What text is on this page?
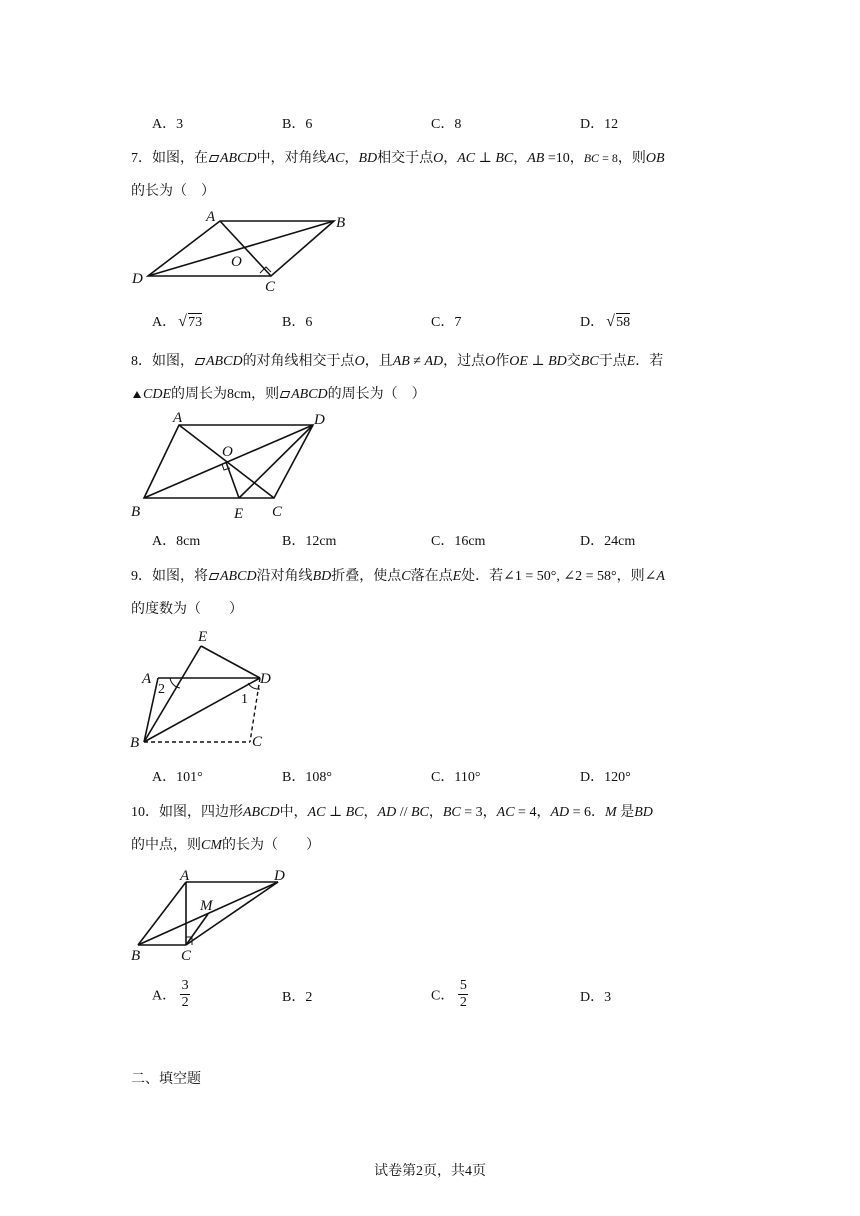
A．3	B．6	C．8	D．12
7．如图，在 ABCD中，对角线AC，BD相交于点O，AC ⊥ BC，AB =10，BC = 8，则OB
的长为（　）
A	B
C
D
O
A． √ 73	B．6	C．7	D． √ 58
8．如图， ABCD的对角线相交于点O，且AB ≠ AD，过点O作OE ⊥ BD交BC于点E．若
CDE的周长为8cm，则 ABCD的周长为（　）
A	D
B	E C
O
A．8cm	B．12cm	C．16cm	D．24cm
9．如图，将 ABCD沿对角线BD折叠，使点C落在点E处．若∠1 = 50°, ∠2 = 58°，则∠A
的度数为（　　）
E
A	D
B	C
2
1
A．101°	B．108°	C．110°	D．120°
10．如图，四边形ABCD中，AC ⊥ BC，AD // BC，BC = 3，AC = 4，AD = 6．M 是BD
的中点，则CM的长为（　　）
A	D
M
B	C
A． $\frac{3}{2}$	B．2	C． $\frac{5}{2}$	D．3
二、填空题
试卷第2页，共4页
